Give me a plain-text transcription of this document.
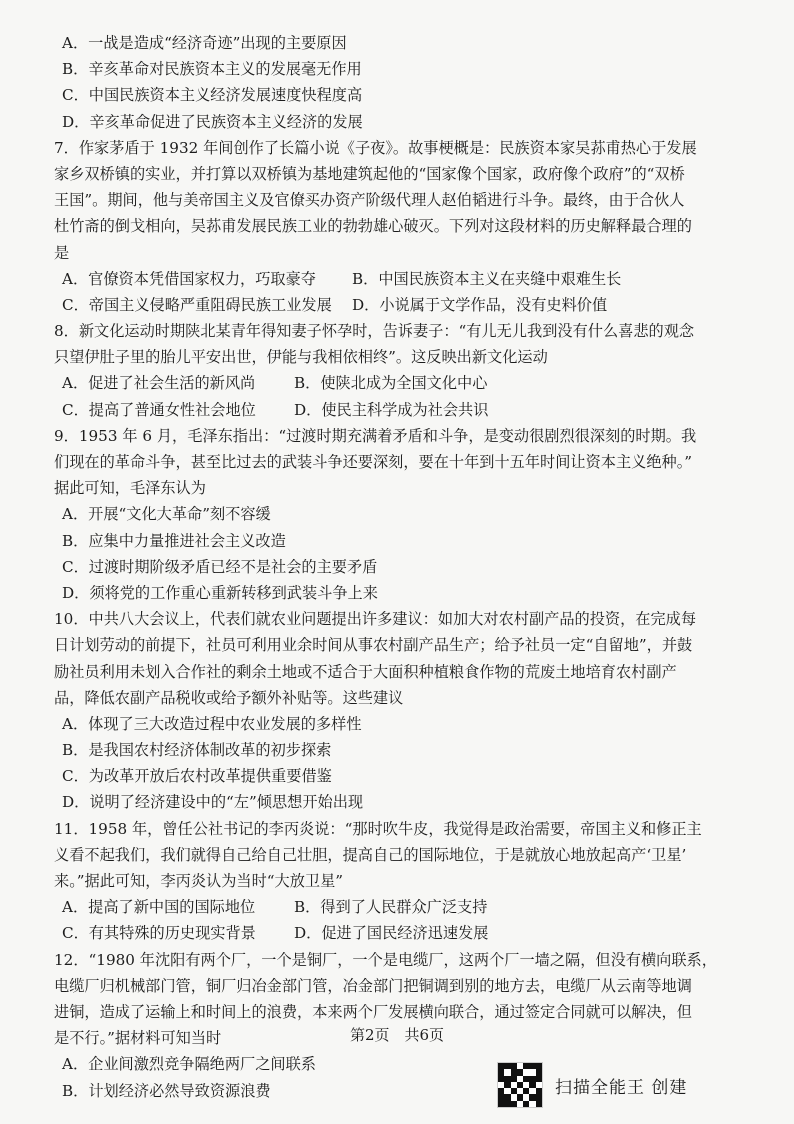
A．一战是造成“经济奇迹”出现的主要原因
B．辛亥革命对民族资本主义的发展毫无作用
C．中国民族资本主义经济发展速度快程度高
D．辛亥革命促进了民族资本主义经济的发展
7．作家茅盾于 1932 年间创作了长篇小说《子夜》。故事梗概是：民族资本家吴荪甫热心于发展
家乡双桥镇的实业，并打算以双桥镇为基地建筑起他的“国家像个国家，政府像个政府”的“双桥
王国”。期间，他与美帝国主义及官僚买办资产阶级代理人赵伯韬进行斗争。最终，由于合伙人
杜竹斋的倒戈相向，吴荪甫发展民族工业的勃勃雄心破灭。下列对这段材料的历史解释最合理的
是
A．官僚资本凭借国家权力，巧取豪夺	B．中国民族资本主义在夹缝中艰难生长
C．帝国主义侵略严重阻碍民族工业发展	D．小说属于文学作品，没有史料价值
8．新文化运动时期陕北某青年得知妻子怀孕时，告诉妻子：“有儿无儿我到没有什么喜悲的观念
只望伊肚子里的胎儿平安出世，伊能与我相依相终”。这反映出新文化运动
A．促进了社会生活的新风尚	B．使陕北成为全国文化中心
C．提高了普通女性社会地位	D．使民主科学成为社会共识
9．1953 年 6 月，毛泽东指出：“过渡时期充满着矛盾和斗争，是变动很剧烈很深刻的时期。我
们现在的革命斗争，甚至比过去的武装斗争还要深刻，要在十年到十五年时间让资本主义绝种。”
据此可知，毛泽东认为
A．开展“文化大革命”刻不容缓
B．应集中力量推进社会主义改造
C．过渡时期阶级矛盾已经不是社会的主要矛盾
D．须将党的工作重心重新转移到武装斗争上来
10．中共八大会议上，代表们就农业问题提出许多建议：如加大对农村副产品的投资，在完成每
日计划劳动的前提下，社员可利用业余时间从事农村副产品生产；给予社员一定“自留地”，并鼓
励社员利用未划入合作社的剩余土地或不适合于大面积种植粮食作物的荒废土地培育农村副产
品，降低农副产品税收或给予额外补贴等。这些建议
A．体现了三大改造过程中农业发展的多样性
B．是我国农村经济体制改革的初步探索
C．为改革开放后农村改革提供重要借鉴
D．说明了经济建设中的“左”倾思想开始出现
11．1958 年，曾任公社书记的李丙炎说：“那时吹牛皮，我觉得是政治需要，帝国主义和修正主
义看不起我们，我们就得自己给自己壮胆，提高自己的国际地位，于是就放心地放起高产‘卫星’
来。”据此可知，李丙炎认为当时“大放卫星”
A．提高了新中国的国际地位	B．得到了人民群众广泛支持
C．有其特殊的历史现实背景	D．促进了国民经济迅速发展
12．“1980 年沈阳有两个厂，一个是铜厂，一个是电缆厂，这两个厂一墙之隔，但没有横向联系，
电缆厂归机械部门管，铜厂归冶金部门管，冶金部门把铜调到别的地方去，电缆厂从云南等地调
进铜，造成了运输上和时间上的浪费，本来两个厂发展横向联合，通过签定合同就可以解决，但
是不行。”据材料可知当时
A．企业间激烈竞争隔绝两厂之间联系
B．计划经济必然导致资源浪费
第2页　共6页
扫描全能王 创建
